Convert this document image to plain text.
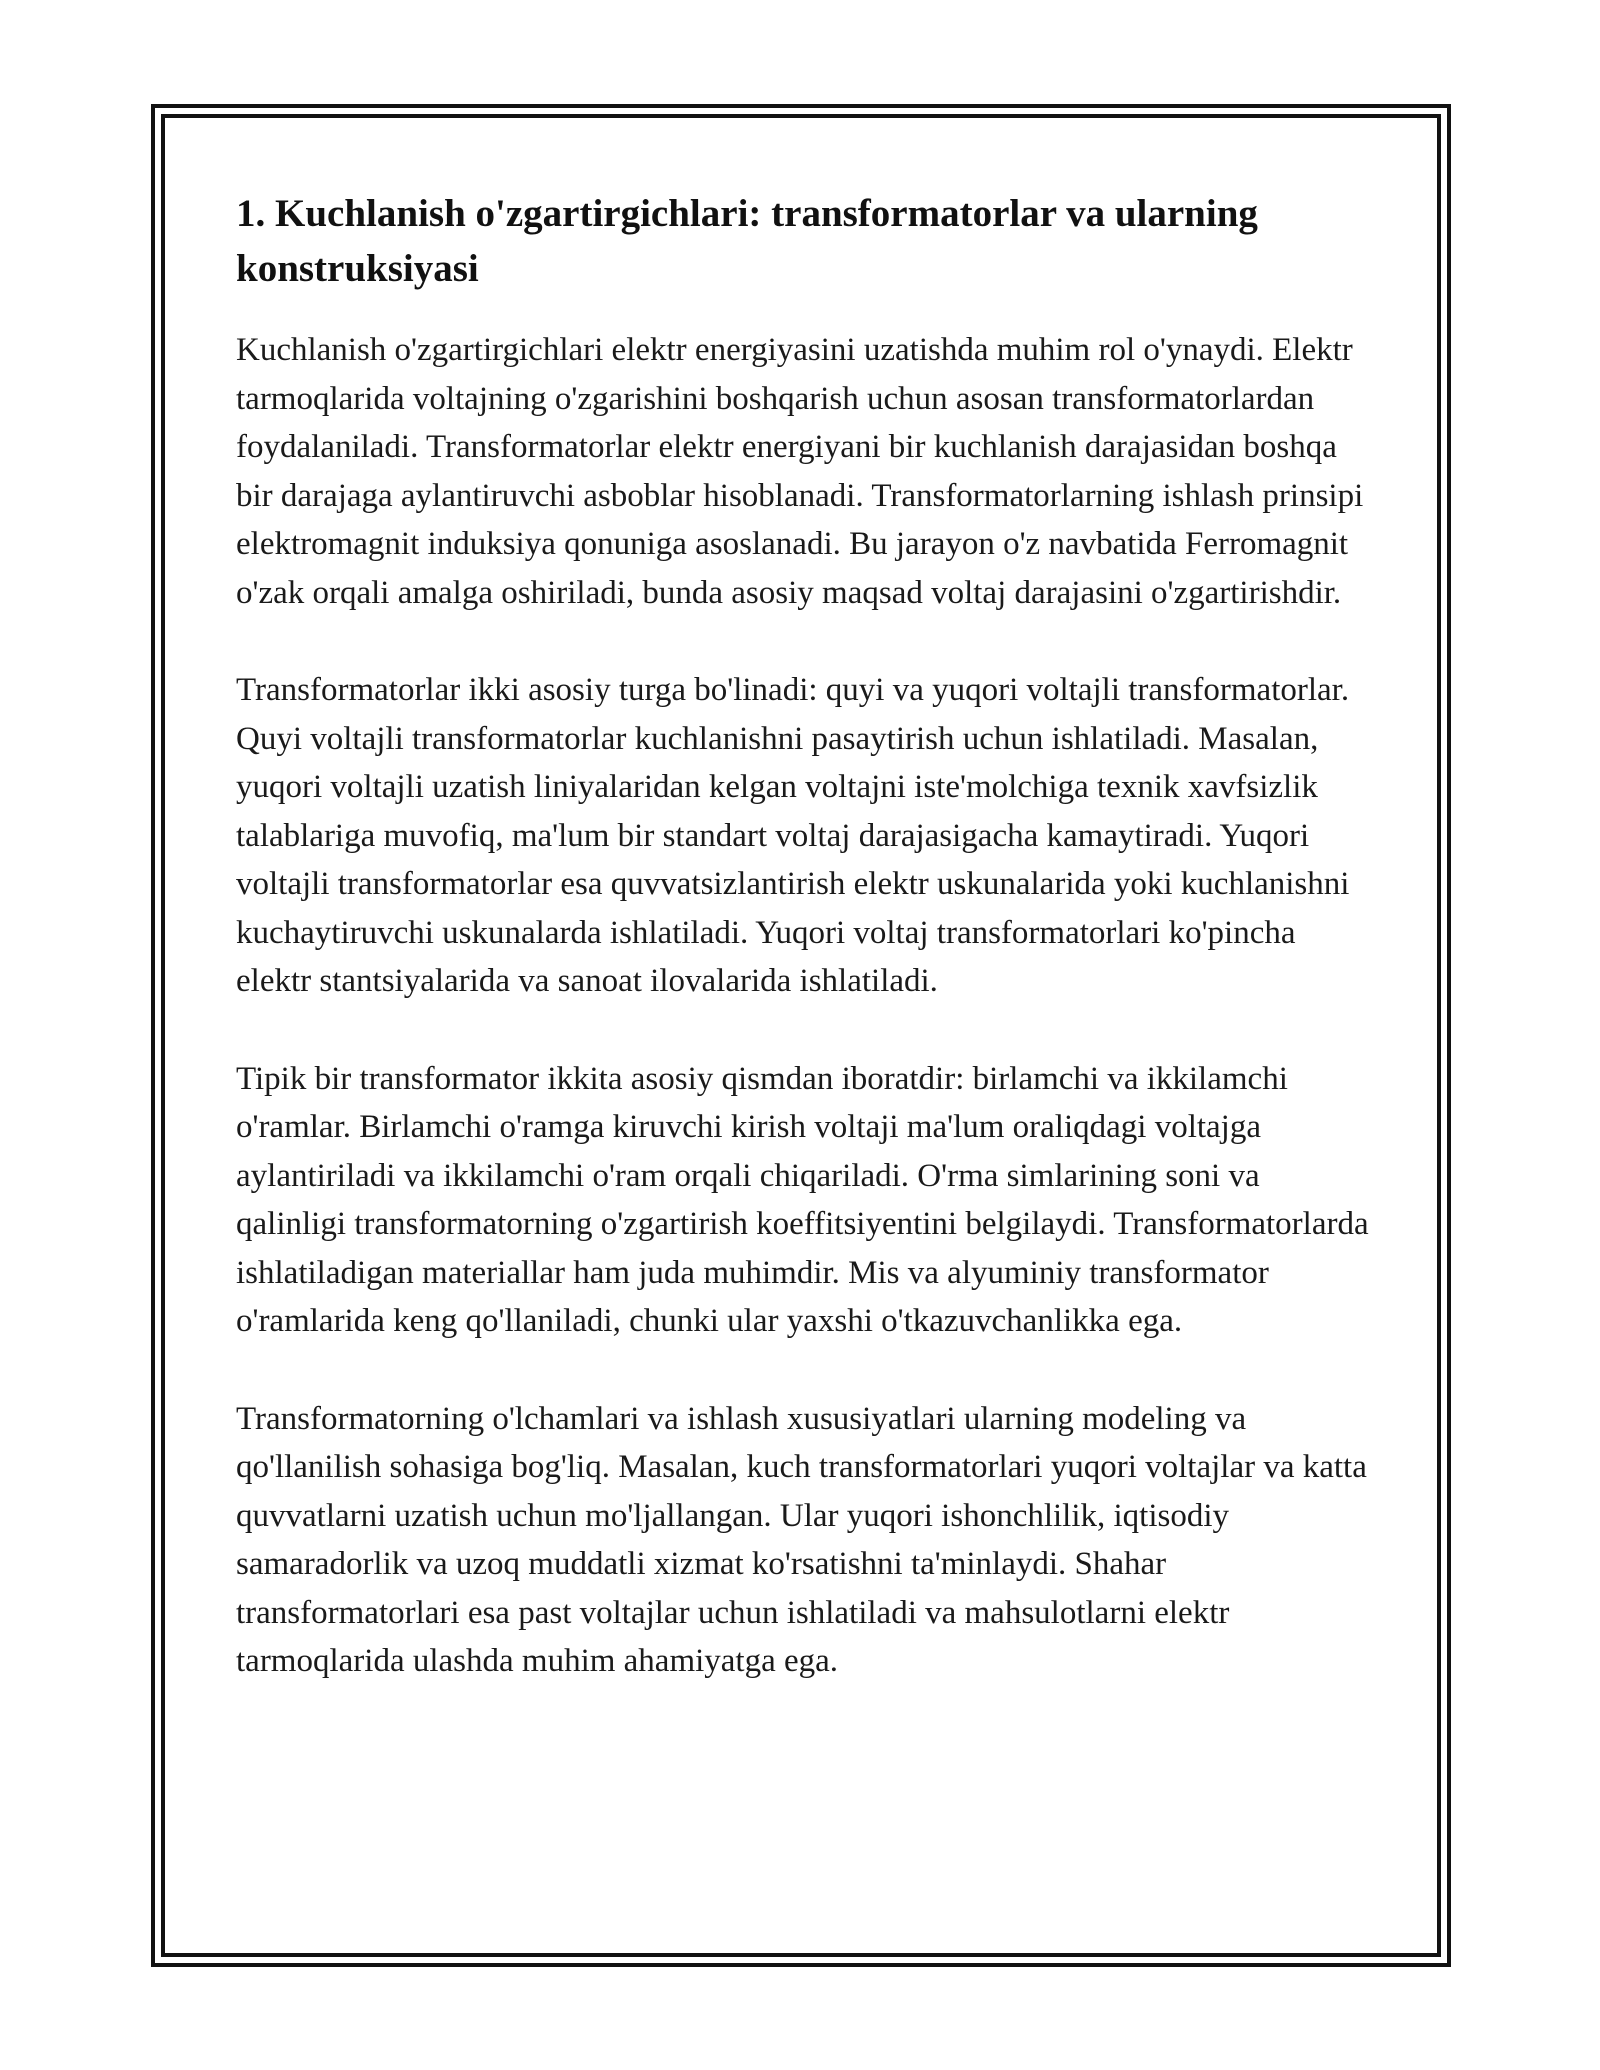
1. Kuchlanish o'zgartirgichlari: transformatorlar va ularning konstruksiyasi

Kuchlanish o'zgartirgichlari elektr energiyasini uzatishda muhim rol o'ynaydi. Elektr tarmoqlarida voltajning o'zgarishini boshqarish uchun asosan transformatorlardan foydalaniladi. Transformatorlar elektr energiyani bir kuchlanish darajasidan boshqa bir darajaga aylantiruvchi asboblar hisoblanadi. Transformatorlarning ishlash prinsipi elektromagnit induksiya qonuniga asoslanadi. Bu jarayon o'z navbatida Ferromagnit o'zak orqali amalga oshiriladi, bunda asosiy maqsad voltaj darajasini o'zgartirishdir.

Transformatorlar ikki asosiy turga bo'linadi: quyi va yuqori voltajli transformatorlar. Quyi voltajli transformatorlar kuchlanishni pasaytirish uchun ishlatiladi. Masalan, yuqori voltajli uzatish liniyalaridan kelgan voltajni iste'molchiga texnik xavfsizlik talablariga muvofiq, ma'lum bir standart voltaj darajasigacha kamaytiradi. Yuqori voltajli transformatorlar esa quvvatsizlantirish elektr uskunalarida yoki kuchlanishni kuchaytiruvchi uskunalarda ishlatiladi. Yuqori voltaj transformatorlari ko'pincha elektr stantsiyalarida va sanoat ilovalarida ishlatiladi.

Tipik bir transformator ikkita asosiy qismdan iboratdir: birlamchi va ikkilamchi o'ramlar. Birlamchi o'ramga kiruvchi kirish voltaji ma'lum oraliqdagi voltajga aylantiriladi va ikkilamchi o'ram orqali chiqariladi. O'rma simlarining soni va qalinligi transformatorning o'zgartirish koeffitsiyentini belgilaydi. Transformatorlarda ishlatiladigan materiallar ham juda muhimdir. Mis va alyuminiy transformator o'ramlarida keng qo'llaniladi, chunki ular yaxshi o'tkazuvchanlikka ega.

Transformatorning o'lchamlari va ishlash xususiyatlari ularning modeling va qo'llanilish sohasiga bog'liq. Masalan, kuch transformatorlari yuqori voltajlar va katta quvvatlarni uzatish uchun mo'ljallangan. Ular yuqori ishonchlilik, iqtisodiy samaradorlik va uzoq muddatli xizmat ko'rsatishni ta'minlaydi. Shahar transformatorlari esa past voltajlar uchun ishlatiladi va mahsulotlarni elektr tarmoqlarida ulashda muhim ahamiyatga ega.
